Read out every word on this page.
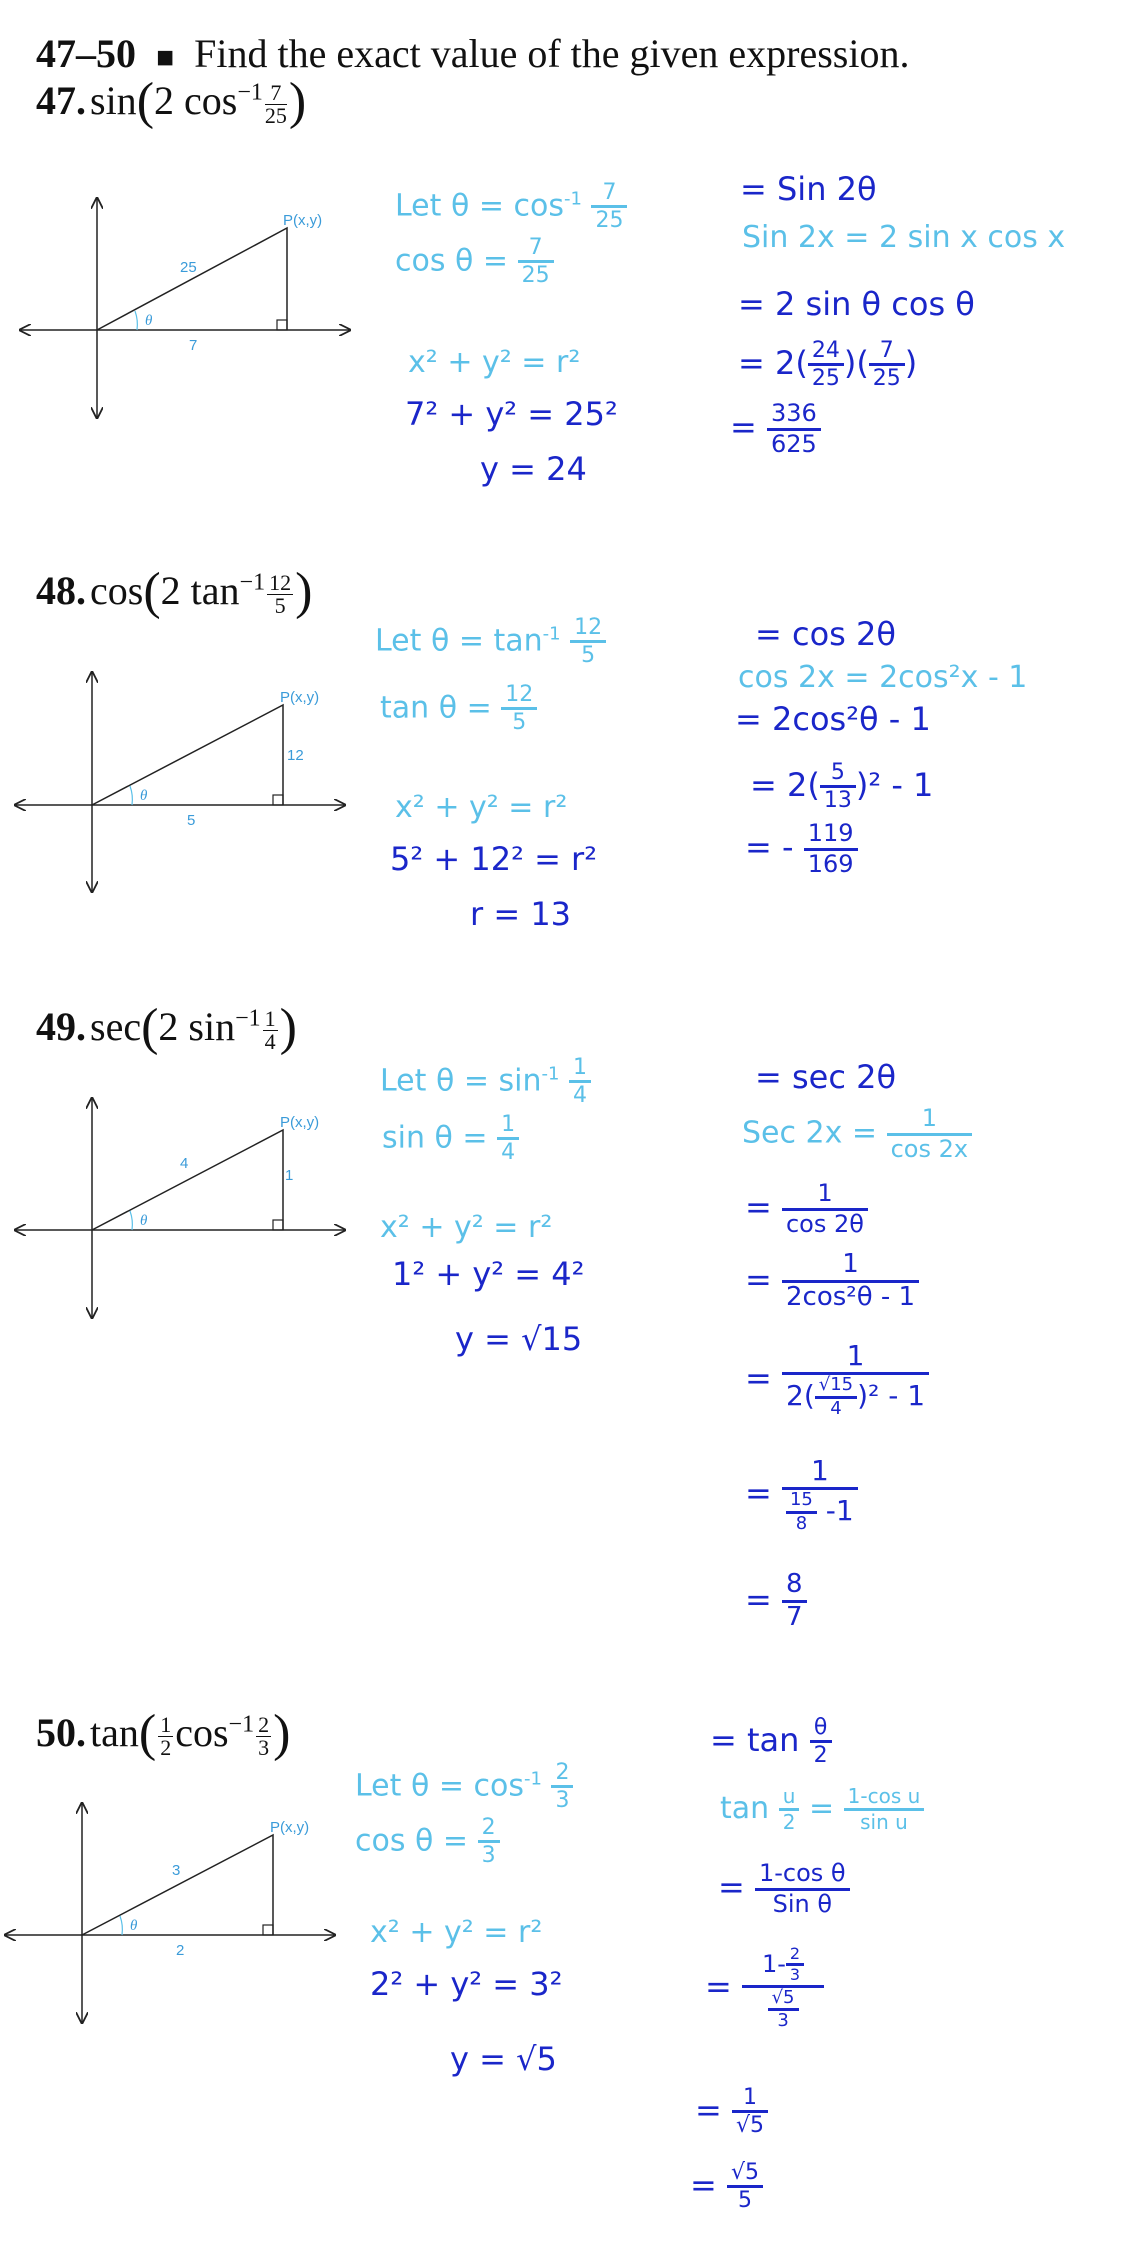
47–50 ■ Find the exact value of the given expression.
47. sin(2 $\cos^{-1} \frac{7}{25}$ )
P(x,y)
25
7
θ
Let $\theta = \cos^{-1} \frac{7}{25}$
$\cos \theta = \frac{7}{25}$
x² + y² = r²
7² + y² = 25²
y = 24
= Sin 2θ
Sin 2x = 2 sin x cos x
= 2 sin θ cos θ
= $2( \frac{24}{25}$ )( $\frac{7}{25}$ )
= $\frac{336}{625}$
48. cos(2 $\tan^{-1} \frac{12}{5}$ )
P(x,y)
12
5
θ
Let $\theta = \tan^{-1} \frac{12}{5}$
$\tan \theta = \frac{12}{5}$
x² + y² = r²
5² + 12² = r²
r = 13
= cos 2θ
cos 2x = 2cos²x - 1
= 2cos²θ - 1
= $2( \frac{5}{13} )^2 - 1$
= - $\frac{119}{169}$
49. sec(2 $\sin^{-1} \frac{1}{4}$ )
P(x,y)
4
1
θ
Let $\theta = \sin^{-1} \frac{1}{4}$
$\sin \theta = \frac{1}{4}$
x² + y² = r²
1² + y² = 4²
y = √15
= sec 2θ
Sec $2x = \frac{1}{\cos 2x}$
= $\frac{1}{\cos 2\theta}$
= $\frac{1}{\text{2cos²θ - 1}}$
= $\frac{1}{2( \frac{√15}{4} )^2 - 1}$
= $\frac{1}{\frac{15}{8} -1}$
= $\frac{8}{7}$
50. $\tan( \frac{1}{2} \cos^{-1} \frac{2}{3}$ )
P(x,y)
3
2
θ
Let $\theta = \cos^{-1} \frac{2}{3}$
$\cos \theta = \frac{2}{3}$
x² + y² = r²
2² + y² = 3²
y = √5
= $\tan \frac{\theta}{2}$
$\tan \frac{u}{2} = \frac{\text{1-cos u}}{\text{sin u}}$
= 1-cos θ
Sin θ
= $\frac{1- \frac{2}{3}}{\frac{√5}{3}}$
= $\frac{1}{√5}$
= $\frac{√5}{5}$
